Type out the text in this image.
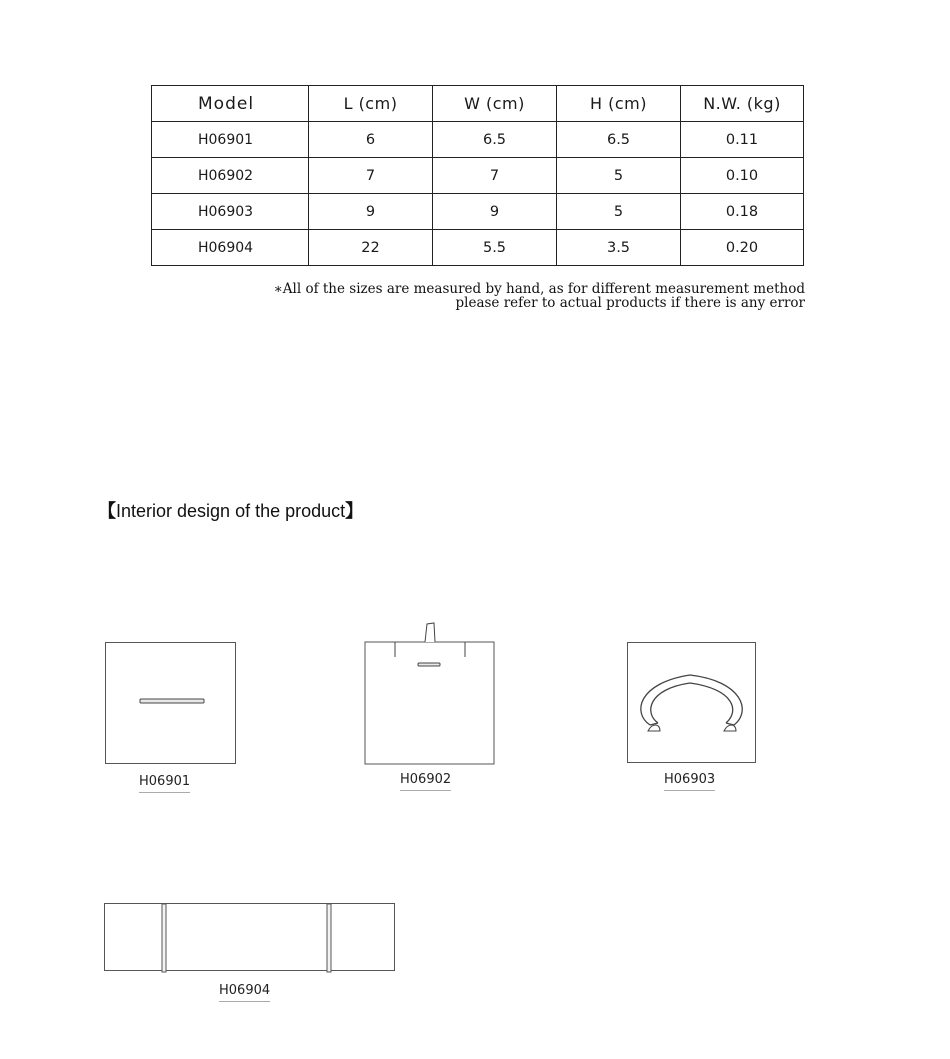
Model	L (cm)	W (cm)	H (cm)	N.W. (kg)
H06901	6	6.5	6.5	0.11
H06902	7	7	5	0.10
H06903	9	9	5	0.18
H06904	22	5.5	3.5	0.20
∗All of the sizes are measured by hand, as for different measurement method
please refer to actual products if there is any error
【Interior design of the product】
H06901	H06902	H06903
H06904
